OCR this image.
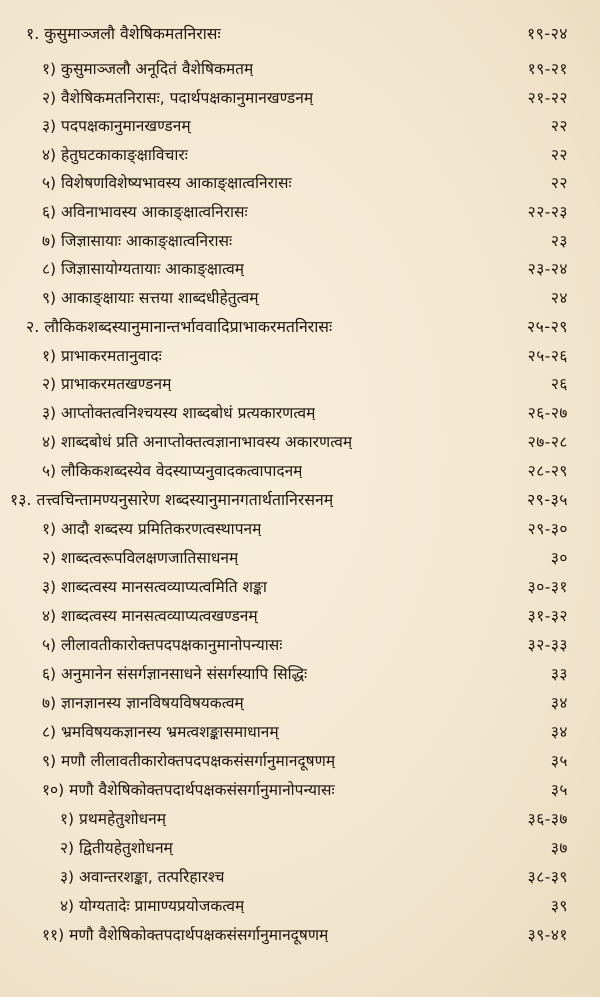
१. कुसुमाञ्जलौ वैशेषिकमतनिरासः	१९-२४
१) कुसुमाञ्जलौ अनूदितं वैशेषिकमतम्	१९-२१
२) वैशेषिकमतनिरासः, पदार्थपक्षकानुमानखण्डनम्	२१-२२
३) पदपक्षकानुमानखण्डनम्	२२
४) हेतुघटकाकाङ्क्षाविचारः	२२
५) विशेषणविशेष्यभावस्य आकाङ्क्षात्वनिरासः	२२
६) अविनाभावस्य आकाङ्क्षात्वनिरासः	२२-२३
७) जिज्ञासायाः आकाङ्क्षात्वनिरासः	२३
८) जिज्ञासायोग्यतायाः आकाङ्क्षात्वम्	२३-२४
९) आकाङ्क्षायाः सत्तया शाब्दधीहेतुत्वम्	२४
२. लौकिकशब्दस्यानुमानान्तर्भाववादिप्राभाकरमतनिरासः	२५-२९
१) प्राभाकरमतानुवादः	२५-२६
२) प्राभाकरमतखण्डनम्	२६
३) आप्तोक्तत्वनिश्चयस्य शाब्दबोधं प्रत्यकारणत्वम्	२६-२७
४) शाब्दबोधं प्रति अनाप्तोक्तत्वज्ञानाभावस्य अकारणत्वम्	२७-२८
५) लौकिकशब्दस्येव वेदस्याप्यनुवादकत्वापादनम्	२८-२९
१३. तत्त्वचिन्तामण्यनुसारेण शब्दस्यानुमानगतार्थतानिरसनम्	२९-३५
१) आदौ शब्दस्य प्रमितिकरणत्वस्थापनम्	२९-३०
२) शाब्दत्वरूपविलक्षणजातिसाधनम्	३०
३) शाब्दत्वस्य मानसत्वव्याप्यत्वमिति शङ्का	३०-३१
४) शाब्दत्वस्य मानसत्वव्याप्यत्वखण्डनम्	३१-३२
५) लीलावतीकारोक्तपदपक्षकानुमानोपन्यासः	३२-३३
६) अनुमानेन संसर्गज्ञानसाधने संसर्गस्यापि सिद्धिः	३३
७) ज्ञानज्ञानस्य ज्ञानविषयविषयकत्वम्	३४
८) भ्रमविषयकज्ञानस्य भ्रमत्वशङ्कासमाधानम्	३४
९) मणौ लीलावतीकारोक्तपदपक्षकसंसर्गानुमानदूषणम्	३५
१०) मणौ वैशेषिकोक्तपदार्थपक्षकसंसर्गानुमानोपन्यासः	३५
१) प्रथमहेतुशोधनम्	३६-३७
२) द्वितीयहेतुशोधनम्	३७
३) अवान्तरशङ्का, तत्परिहारश्च	३८-३९
४) योग्यतादेः प्रामाण्यप्रयोजकत्वम्	३९
११) मणौ वैशेषिकोक्तपदार्थपक्षकसंसर्गानुमानदूषणम्	३९-४१
